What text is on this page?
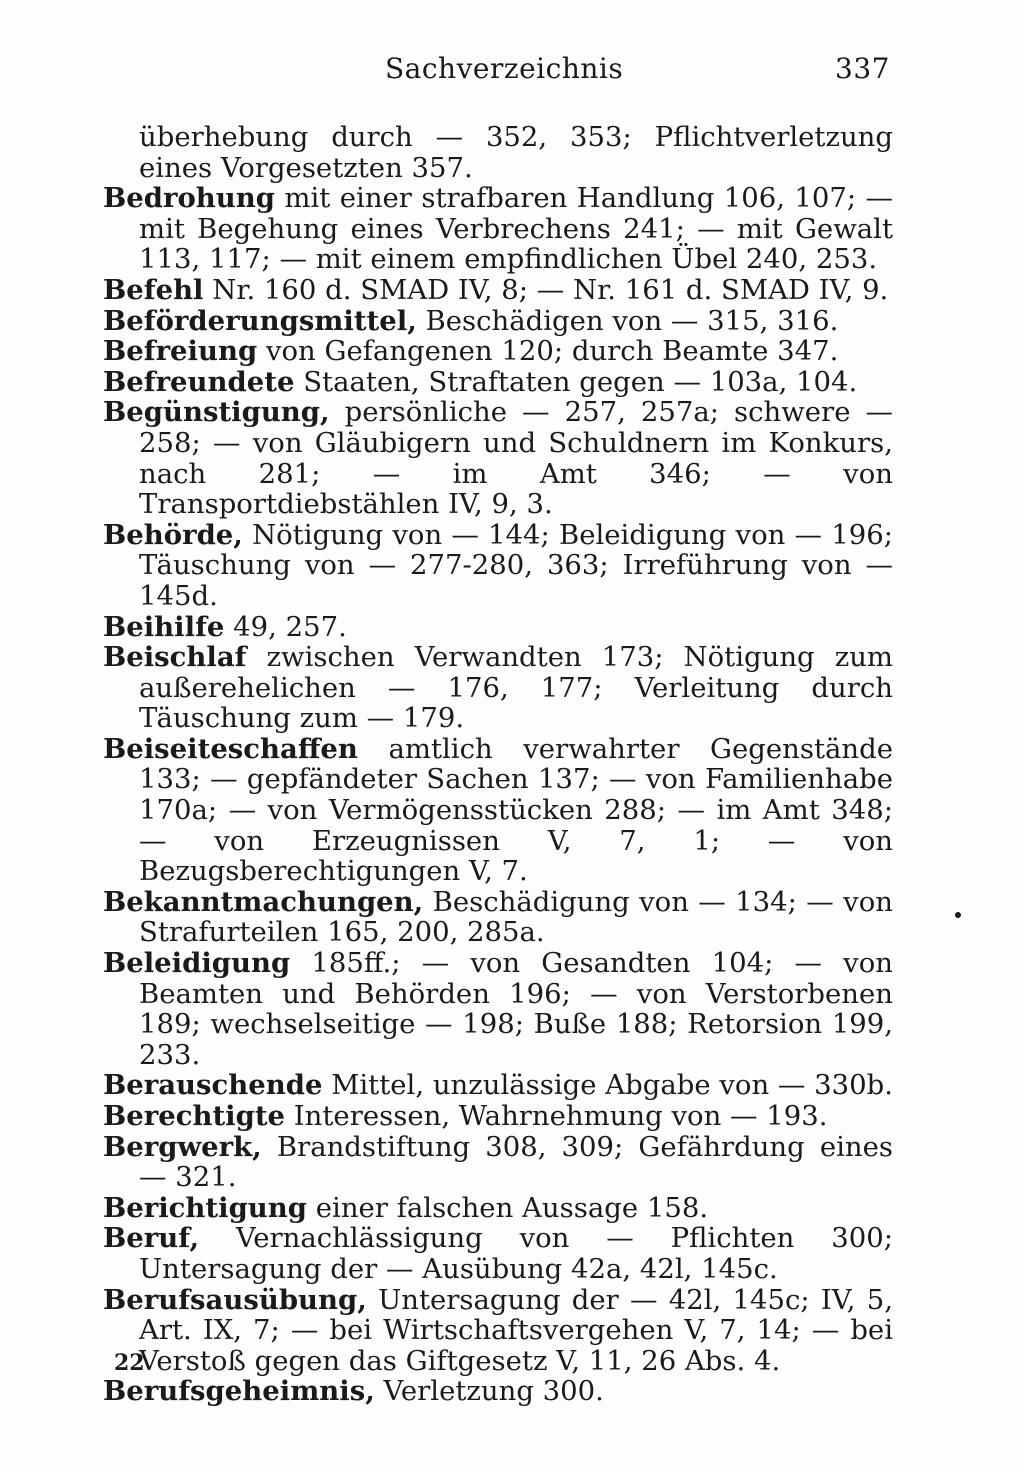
Sachverzeichnis	337

überhebung durch — 352, 353; Pflichtverletzung eines Vorgesetzten 357.

Bedrohung mit einer strafbaren Handlung 106, 107; — mit Begehung eines Verbrechens 241; — mit Gewalt 113, 117; — mit einem empfindlichen Übel 240, 253.

Befehl Nr. 160 d. SMAD IV, 8; — Nr. 161 d. SMAD IV, 9.

Beförderungsmittel, Beschädigen von — 315, 316.

Befreiung von Gefangenen 120; durch Beamte 347.

Befreundete Staaten, Straftaten gegen — 103a, 104.

Begünstigung, persönliche — 257, 257a; schwere — 258; — von Gläubigern und Schuldnern im Konkurs, nach 281; — im Amt 346; — von Transportdiebstählen IV, 9, 3.

Behörde, Nötigung von — 144; Beleidigung von — 196; Täuschung von — 277-280, 363; Irreführung von — 145d.

Beihilfe 49, 257.

Beischlaf zwischen Verwandten 173; Nötigung zum außerehelichen — 176, 177; Verleitung durch Täuschung zum — 179.

Beiseiteschaffen amtlich verwahrter Gegenstände 133; — gepfändeter Sachen 137; — von Familienhabe 170a; — von Vermögensstücken 288; — im Amt 348; — von Erzeugnissen V, 7, 1; — von Bezugsberechtigungen V, 7.

Bekanntmachungen, Beschädigung von — 134; — von Strafurteilen 165, 200, 285a.

Beleidigung 185ff.; — von Gesandten 104; — von Beamten und Behörden 196; — von Verstorbenen 189; wechselseitige — 198; Buße 188; Retorsion 199, 233.

Berauschende Mittel, unzulässige Abgabe von — 330b.

Berechtigte Interessen, Wahrnehmung von — 193.

Bergwerk, Brandstiftung 308, 309; Gefährdung eines — 321.

Berichtigung einer falschen Aussage 158.

Beruf, Vernachlässigung von — Pflichten 300; Untersagung der — Ausübung 42a, 42l, 145c.

Berufsausübung, Untersagung der — 42l, 145c; IV, 5, Art. IX, 7; — bei Wirtschaftsvergehen V, 7, 14; — bei Verstoß gegen das Giftgesetz V, 11, 26 Abs. 4.

Berufsgeheimnis, Verletzung 300.

22
